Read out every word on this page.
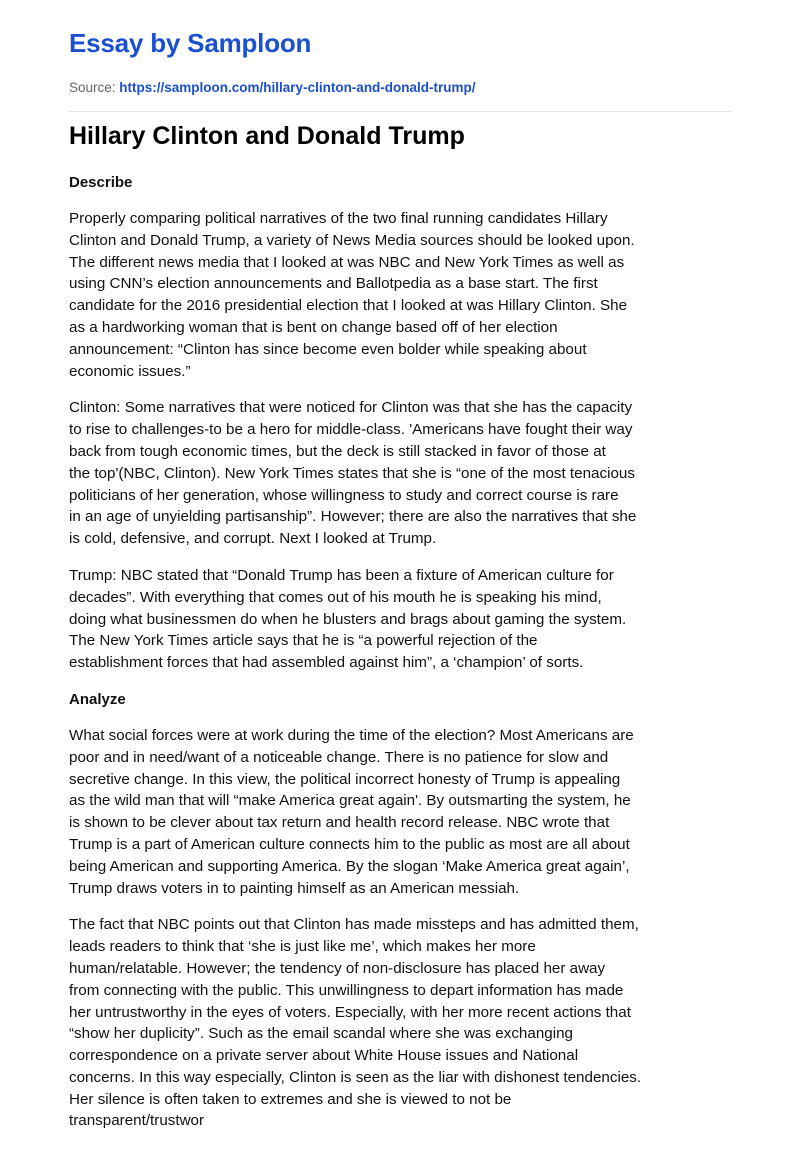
Essay by Samploon
Source: https://samploon.com/hillary-clinton-and-donald-trump/
Hillary Clinton and Donald Trump
Describe

Properly comparing political narratives of the two final running candidates Hillary
Clinton and Donald Trump, a variety of News Media sources should be looked upon.
The different news media that I looked at was NBC and New York Times as well as
using CNN’s election announcements and Ballotpedia as a base start. The first
candidate for the 2016 presidential election that I looked at was Hillary Clinton. She
as a hardworking woman that is bent on change based off of her election
announcement: “Clinton has since become even bolder while speaking about
economic issues.”

Clinton: Some narratives that were noticed for Clinton was that she has the capacity
to rise to challenges-to be a hero for middle-class. 'Americans have fought their way
back from tough economic times, but the deck is still stacked in favor of those at
the top'(NBC, Clinton). New York Times states that she is “one of the most tenacious
politicians of her generation, whose willingness to study and correct course is rare
in an age of unyielding partisanship”. However; there are also the narratives that she
is cold, defensive, and corrupt. Next I looked at Trump.

Trump: NBC stated that “Donald Trump has been a fixture of American culture for
decades”. With everything that comes out of his mouth he is speaking his mind,
doing what businessmen do when he blusters and brags about gaming the system.
The New York Times article says that he is “a powerful rejection of the
establishment forces that had assembled against him”, a ‘champion’ of sorts.

Analyze

What social forces were at work during the time of the election? Most Americans are
poor and in need/want of a noticeable change. There is no patience for slow and
secretive change. In this view, the political incorrect honesty of Trump is appealing
as the wild man that will “make America great again'. By outsmarting the system, he
is shown to be clever about tax return and health record release. NBC wrote that
Trump is a part of American culture connects him to the public as most are all about
being American and supporting America. By the slogan ‘Make America great again’,
Trump draws voters in to painting himself as an American messiah.

The fact that NBC points out that Clinton has made missteps and has admitted them,
leads readers to think that ‘she is just like me’, which makes her more
human/relatable. However; the tendency of non-disclosure has placed her away
from connecting with the public. This unwillingness to depart information has made
her untrustworthy in the eyes of voters. Especially, with her more recent actions that
“show her duplicity”. Such as the email scandal where she was exchanging
correspondence on a private server about White House issues and National
concerns. In this way especially, Clinton is seen as the liar with dishonest tendencies.
Her silence is often taken to extremes and she is viewed to not be
transparent/trustwor
